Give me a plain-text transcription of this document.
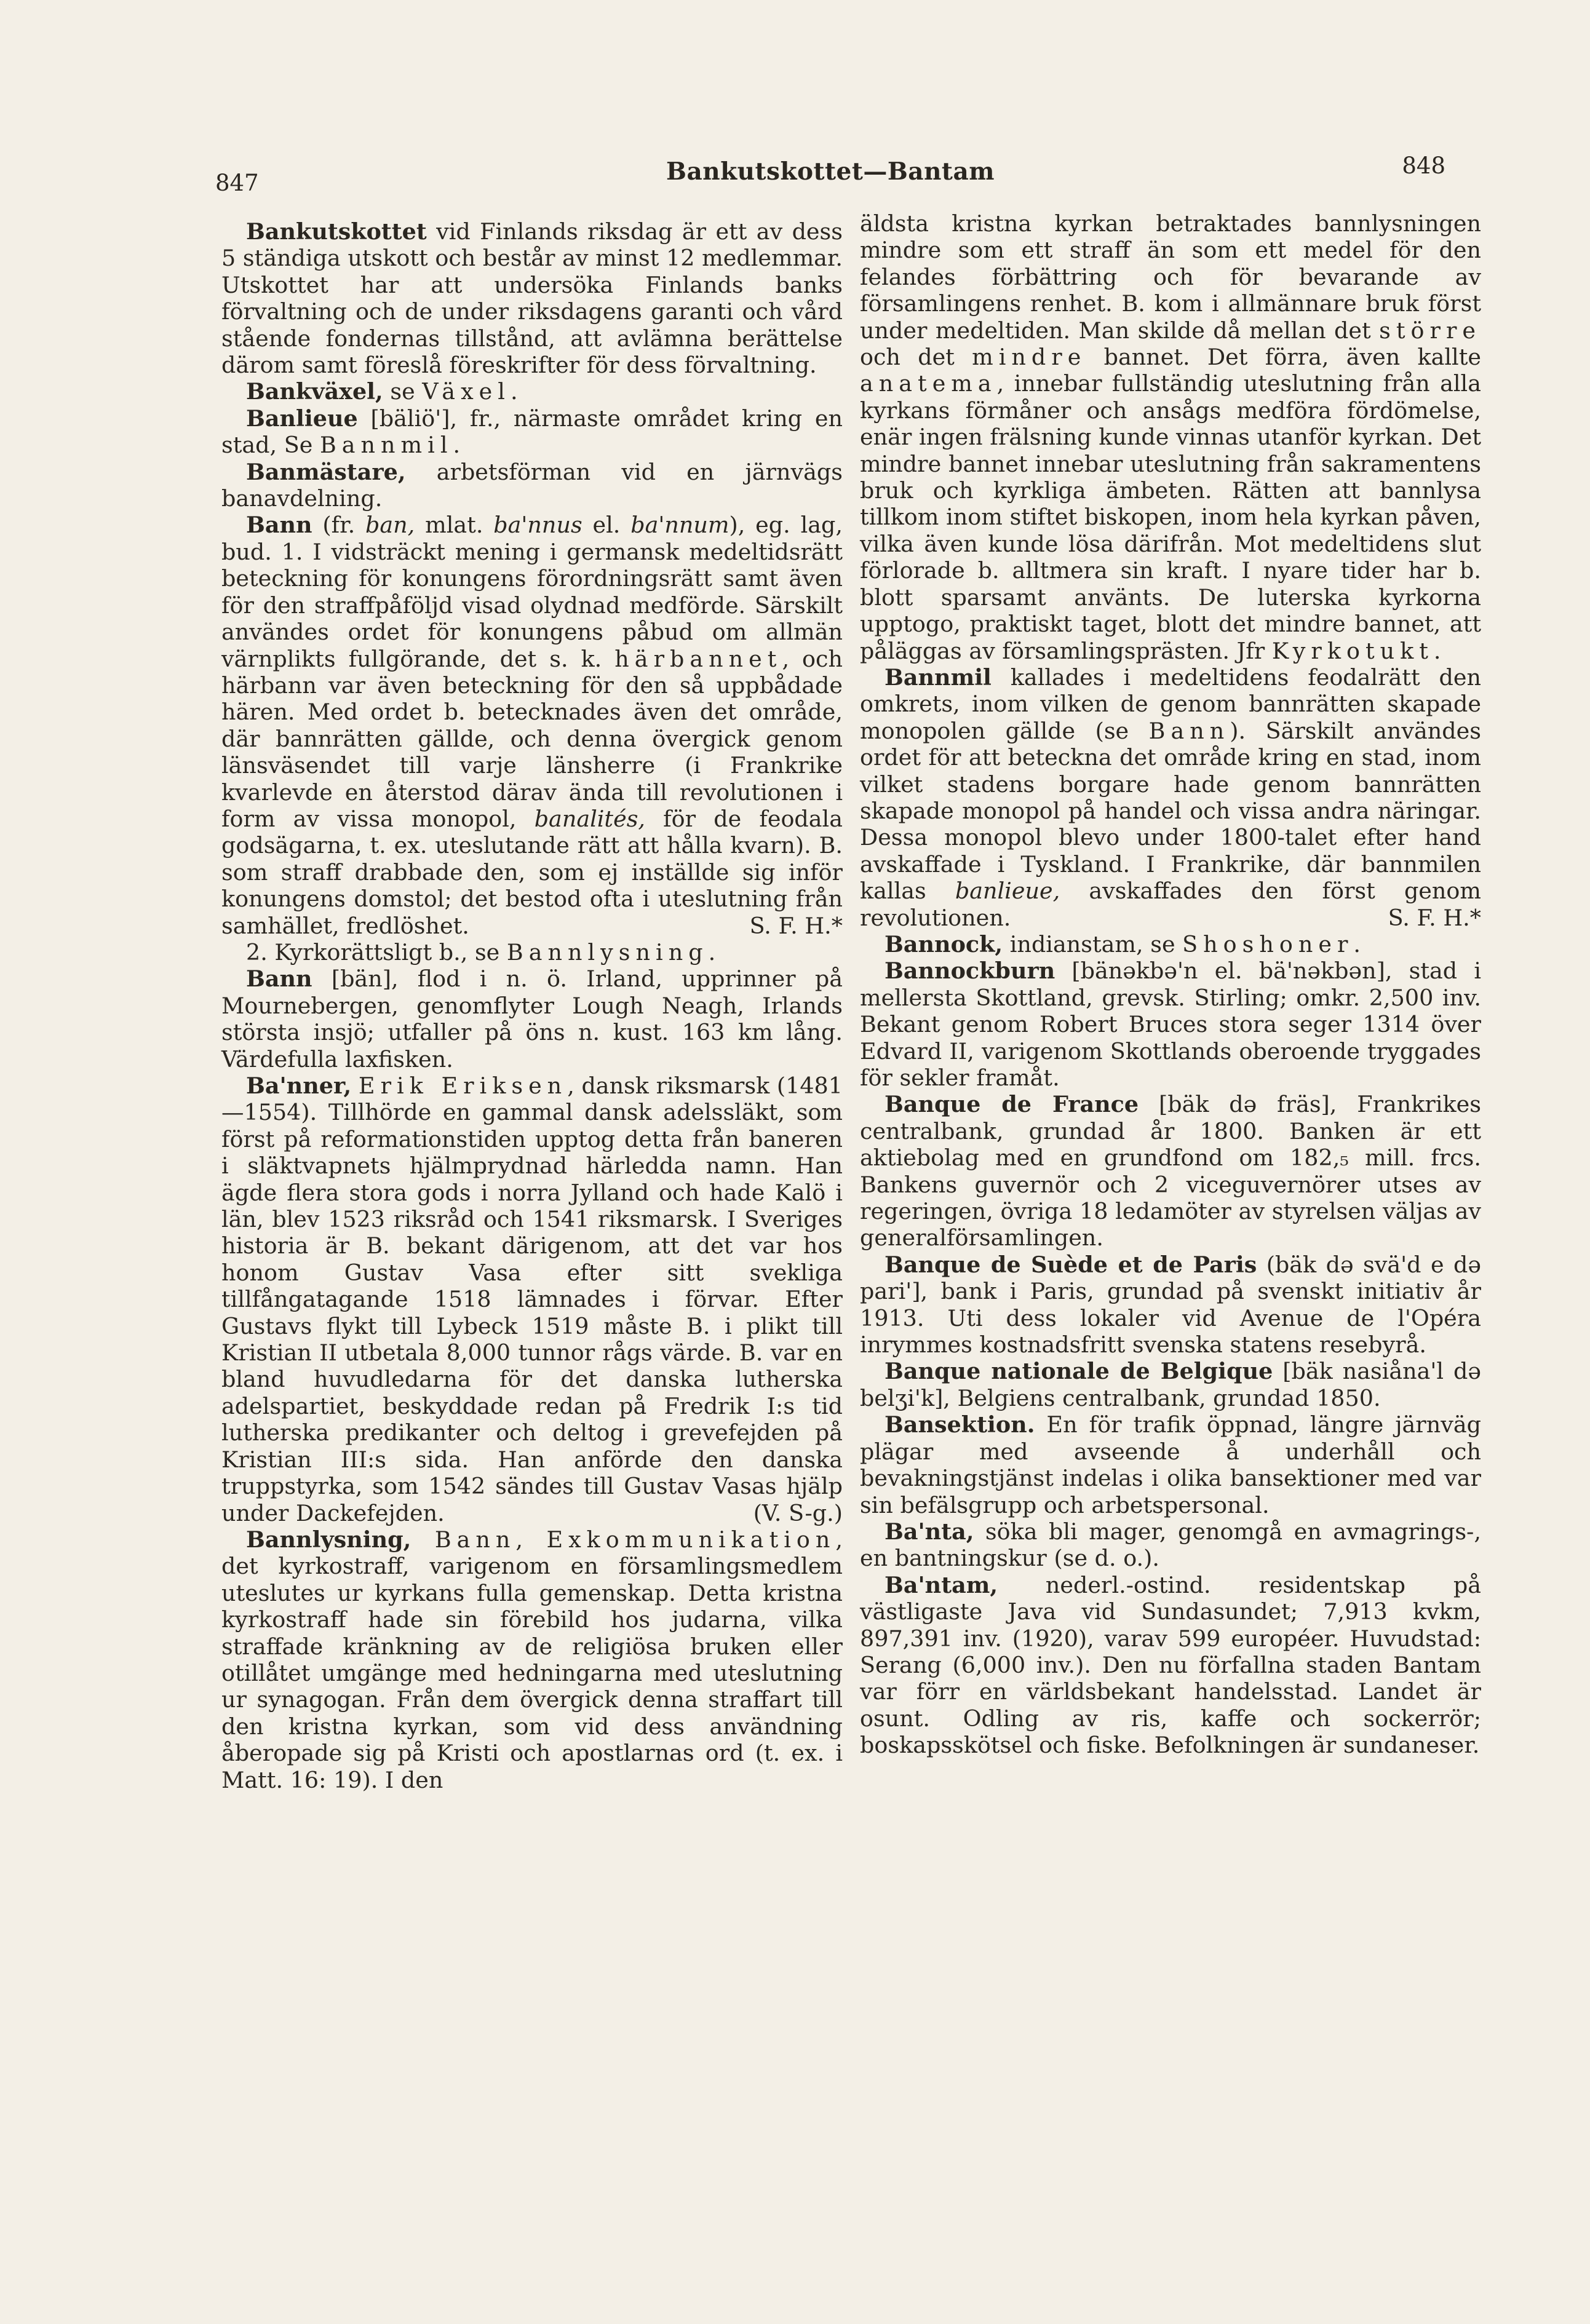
847	Bankutskottet—Bantam	848

Bankutskottet vid Finlands riksdag är ett av dess 5 ständiga utskott och består av minst 12 medlemmar. Utskottet har att undersöka Finlands banks förvaltning och de under riksdagens garanti och vård stående fondernas tillstånd, att avlämna berättelse därom samt föreslå föreskrifter för dess förvaltning.

Bankväxel, se Växel.

Banlieue [bäliö'], fr., närmaste området kring en stad, Se Bannmil.

Banmästare, arbetsförman vid en järnvägs banavdelning.

Bann (fr. ban, mlat. ba'nnus el. ba'nnum), eg. lag, bud. 1. I vidsträckt mening i germansk medeltidsrätt beteckning för konungens förordningsrätt samt även för den straffpåföljd visad olydnad medförde. Särskilt användes ordet för konungens påbud om allmän värnplikts fullgörande, det s. k. härbannet, och härbann var även beteckning för den så uppbådade hären. Med ordet b. betecknades även det område, där bannrätten gällde, och denna övergick genom länsväsendet till varje länsherre (i Frankrike kvarlevde en återstod därav ända till revolutionen i form av vissa monopol, banalités, för de feodala godsägarna, t. ex. uteslutande rätt att hålla kvarn). B. som straff drabbade den, som ej inställde sig inför konungens domstol; det bestod ofta i uteslutning från samhället, fredlöshet.	S. F. H.*

2. Kyrkorättsligt b., se Bannlysning.

Bann [bän], flod i n. ö. Irland, upprinner på Mournebergen, genomflyter Lough Neagh, Irlands största insjö; utfaller på öns n. kust. 163 km lång. Värdefulla laxfisken.

Ba'nner, Erik Eriksen, dansk riksmarsk (1481—1554). Tillhörde en gammal dansk adelssläkt, som först på reformationstiden upptog detta från baneren i släktvapnets hjälmprydnad härledda namn. Han ägde flera stora gods i norra Jylland och hade Kalö i län, blev 1523 riksråd och 1541 riksmarsk. I Sveriges historia är B. bekant därigenom, att det var hos honom Gustav Vasa efter sitt svekliga tillfångatagande 1518 lämnades i förvar. Efter Gustavs flykt till Lybeck 1519 måste B. i plikt till Kristian II utbetala 8,000 tunnor rågs värde. B. var en bland huvudledarna för det danska lutherska adelspartiet, beskyddade redan på Fredrik I:s tid lutherska predikanter och deltog i grevefejden på Kristian III:s sida. Han anförde den danska truppstyrka, som 1542 sändes till Gustav Vasas hjälp under Dackefejden.	(V. S-g.)

Bannlysning, Bann, Exkommunikation, det kyrkostraff, varigenom en församlingsmedlem uteslutes ur kyrkans fulla gemenskap. Detta kristna kyrkostraff hade sin förebild hos judarna, vilka straffade kränkning av de religiösa bruken eller otillåtet umgänge med hedningarna med uteslutning ur synagogan. Från dem övergick denna straffart till den kristna kyrkan, som vid dess användning åberopade sig på Kristi och apostlarnas ord (t. ex. i Matt. 16: 19). I den

äldsta kristna kyrkan betraktades bannlysningen mindre som ett straff än som ett medel för den felandes förbättring och för bevarande av församlingens renhet. B. kom i allmännare bruk först under medeltiden. Man skilde då mellan det större och det mindre bannet. Det förra, även kallte anatema, innebar fullständig uteslutning från alla kyrkans förmåner och ansågs medföra fördömelse, enär ingen frälsning kunde vinnas utanför kyrkan. Det mindre bannet innebar uteslutning från sakramentens bruk och kyrkliga ämbeten. Rätten att bannlysa tillkom inom stiftet biskopen, inom hela kyrkan påven, vilka även kunde lösa därifrån. Mot medeltidens slut förlorade b. alltmera sin kraft. I nyare tider har b. blott sparsamt använts. De luterska kyrkorna upptogo, praktiskt taget, blott det mindre bannet, att påläggas av församlingsprästen. Jfr Kyrkotukt.

Bannmil kallades i medeltidens feodalrätt den omkrets, inom vilken de genom bannrätten skapade monopolen gällde (se Bann). Särskilt användes ordet för att beteckna det område kring en stad, inom vilket stadens borgare hade genom bannrätten skapade monopol på handel och vissa andra näringar. Dessa monopol blevo under 1800-talet efter hand avskaffade i Tyskland. I Frankrike, där bannmilen kallas banlieue, avskaffades den först genom revolutionen.	S. F. H.*

Bannock, indianstam, se Shoshoner.

Bannockburn [bänəkbə'n el. bä'nəkbən], stad i mellersta Skottland, grevsk. Stirling; omkr. 2,500 inv. Bekant genom Robert Bruces stora seger 1314 över Edvard II, varigenom Skottlands oberoende tryggades för sekler framåt.

Banque de France [bäk də fräs], Frankrikes centralbank, grundad år 1800. Banken är ett aktiebolag med en grundfond om 182,₅ mill. frcs. Bankens guvernör och 2 viceguvernörer utses av regeringen, övriga 18 ledamöter av styrelsen väljas av generalförsamlingen.

Banque de Suède et de Paris (bäk də svä'd e də pari'], bank i Paris, grundad på svenskt initiativ år 1913. Uti dess lokaler vid Avenue de l'Opéra inrymmes kostnadsfritt svenska statens resebyrå.

Banque nationale de Belgique [bäk nasiåna'l də belʒi'k], Belgiens centralbank, grundad 1850.

Bansektion. En för trafik öppnad, längre järnväg plägar med avseende å underhåll och bevakningstjänst indelas i olika bansektioner med var sin befälsgrupp och arbetspersonal.

Ba'nta, söka bli mager, genomgå en avmagrings-, en bantningskur (se d. o.).

Ba'ntam, nederl.-ostind. residentskap på västligaste Java vid Sundasundet; 7,913 kvkm, 897,391 inv. (1920), varav 599 européer. Huvudstad: Serang (6,000 inv.). Den nu förfallna staden Bantam var förr en världsbekant handelsstad. Landet är osunt. Odling av ris, kaffe och sockerrör; boskapsskötsel och fiske. Befolkningen är sundaneser.
